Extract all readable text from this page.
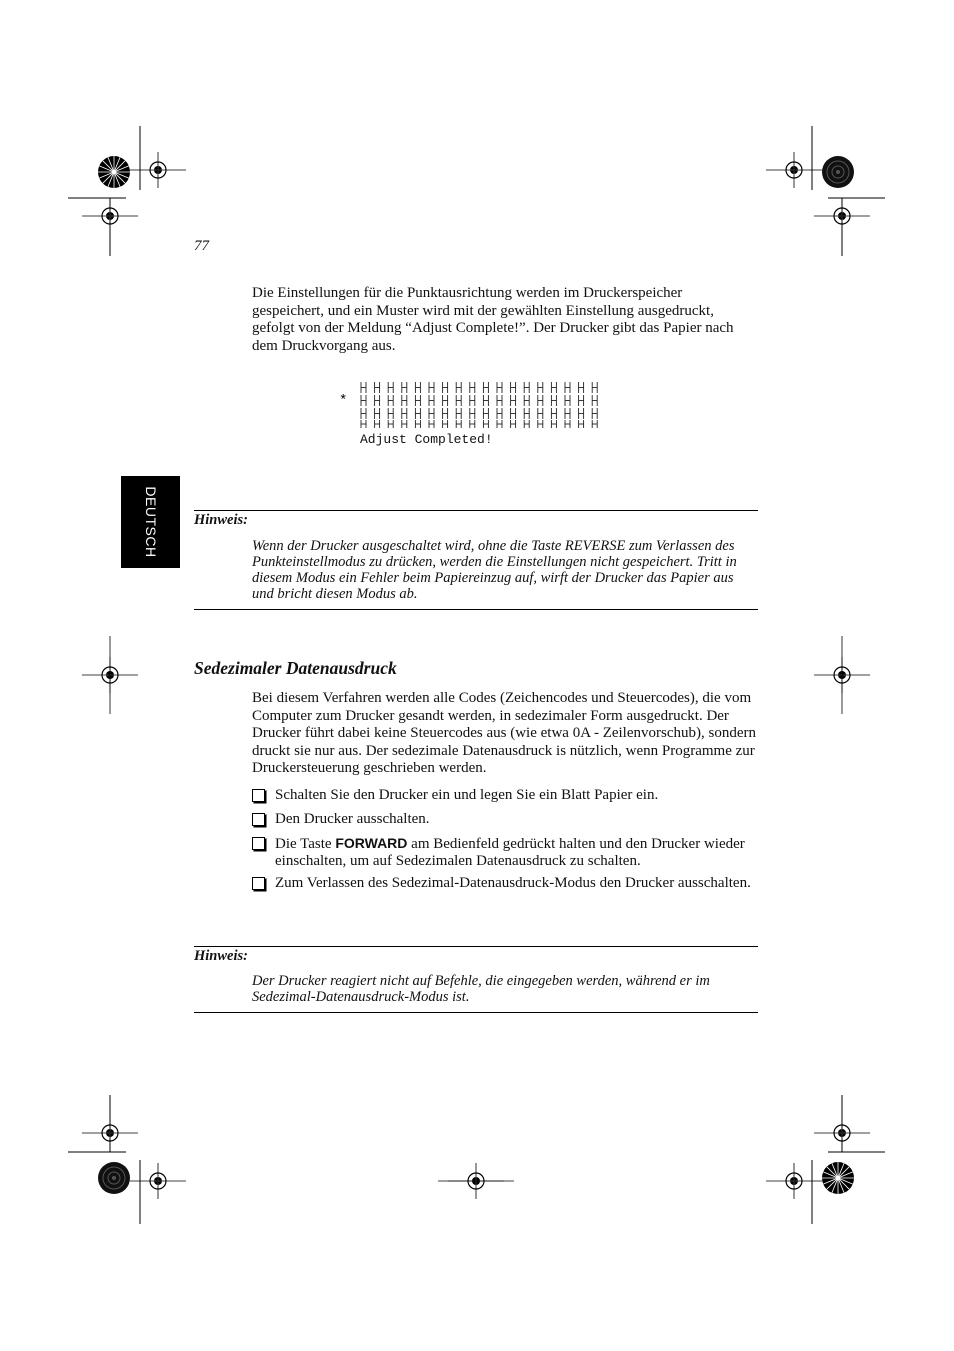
77
Die Einstellungen für die Punktausrichtung werden im Druckerspeicher gespeichert, und ein Muster wird mit der gewählten Einstellung ausgedruckt, gefolgt von der Meldung “Adjust Complete!”. Der Drucker gibt das Papier nach dem Druckvorgang aus.
*
Adjust Completed!
DEUTSCH Hinweis:
Wenn der Drucker ausgeschaltet wird, ohne die Taste REVERSE zum Verlassen des Punkteinstellmodus zu drücken, werden die Einstellungen nicht gespeichert. Tritt in diesem Modus ein Fehler beim Papiereinzug auf, wirft der Drucker das Papier aus und bricht diesen Modus ab.
Sedezimaler Datenausdruck
Bei diesem Verfahren werden alle Codes (Zeichencodes und Steuercodes), die vom Computer zum Drucker gesandt werden, in sedezimaler Form ausgedruckt. Der Drucker führt dabei keine Steuercodes aus (wie etwa 0A - Zeilenvorschub), sondern druckt sie nur aus. Der sedezimale Datenausdruck is nützlich, wenn Programme zur Druckersteuerung geschrieben werden.
Schalten Sie den Drucker ein und legen Sie ein Blatt Papier ein.
Den Drucker ausschalten.
Die Taste FORWARD am Bedienfeld gedrückt halten und den Drucker wieder einschalten, um auf Sedezimalen Datenausdruck zu schalten.
Zum Verlassen des Sedezimal-Datenausdruck-Modus den Drucker ausschalten.
Hinweis:
Der Drucker reagiert nicht auf Befehle, die eingegeben werden, während er im Sedezimal-Datenausdruck-Modus ist.
